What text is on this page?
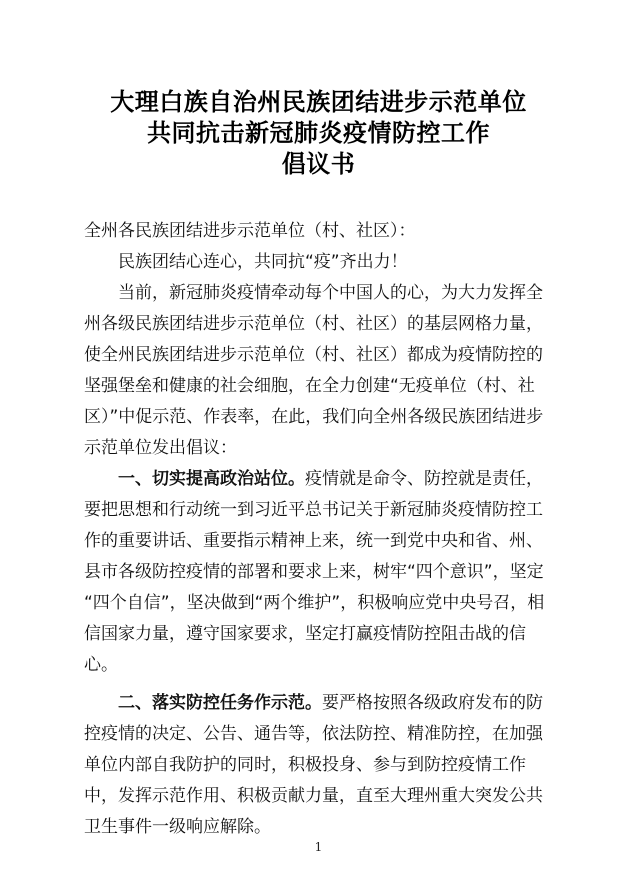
大理白族自治州民族团结进步示范单位
共同抗击新冠肺炎疫情防控工作
倡议书
全州各民族团结进步示范单位（村、社区）：
民族团结心连心，共同抗“疫”齐出力！
当前，新冠肺炎疫情牵动每个中国人的心，为大力发挥全
州各级民族团结进步示范单位（村、社区）的基层网格力量，
使全州民族团结进步示范单位（村、社区）都成为疫情防控的
坚强堡垒和健康的社会细胞，在全力创建“无疫单位（村、社
区）”中促示范、作表率，在此，我们向全州各级民族团结进步
示范单位发出倡议：
一、切实提高政治站位。疫情就是命令、防控就是责任，
要把思想和行动统一到习近平总书记关于新冠肺炎疫情防控工
作的重要讲话、重要指示精神上来，统一到党中央和省、州、
县市各级防控疫情的部署和要求上来，树牢“四个意识”，坚定
“四个自信”，坚决做到“两个维护”，积极响应党中央号召，相
信国家力量，遵守国家要求，坚定打赢疫情防控阻击战的信
心。
二、落实防控任务作示范。要严格按照各级政府发布的防
控疫情的决定、公告、通告等，依法防控、精准防控，在加强
单位内部自我防护的同时，积极投身、参与到防控疫情工作
中，发挥示范作用、积极贡献力量，直至大理州重大突发公共
卫生事件一级响应解除。
1
